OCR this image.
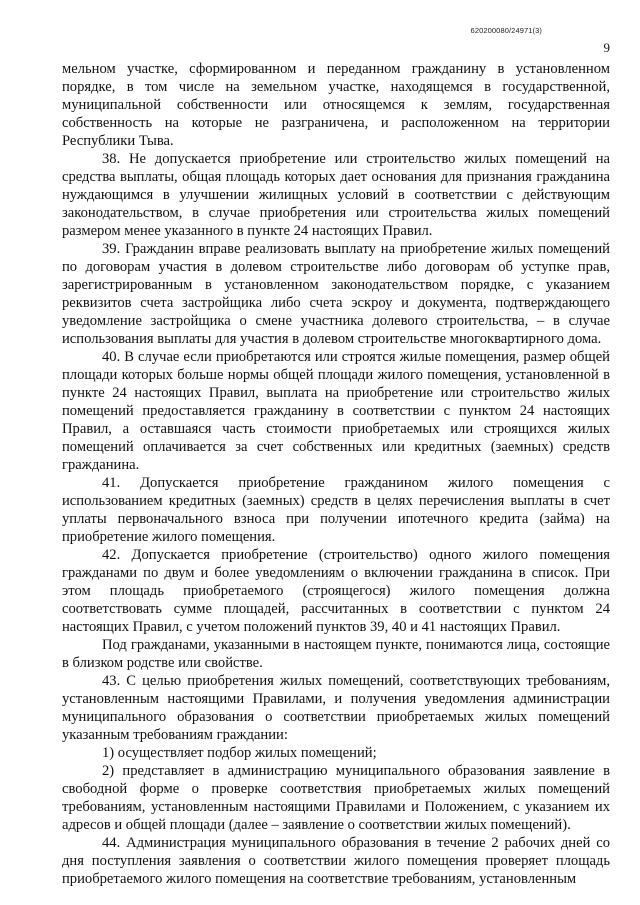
620200080/24971(3)
9

мельном участке, сформированном и переданном гражданину в установленном порядке, в том числе на земельном участке, находящемся в государственной, муниципальной собственности или относящемся к землям, государственная собственность на которые не разграничена, и расположенном на территории Республики Тыва.

38. Не допускается приобретение или строительство жилых помещений на средства выплаты, общая площадь которых дает основания для признания гражданина нуждающимся в улучшении жилищных условий в соответствии с действующим законодательством, в случае приобретения или строительства жилых помещений размером менее указанного в пункте 24 настоящих Правил.

39. Гражданин вправе реализовать выплату на приобретение жилых помещений по договорам участия в долевом строительстве либо договорам об уступке прав, зарегистрированным в установленном законодательством порядке, с указанием реквизитов счета застройщика либо счета эскроу и документа, подтверждающего уведомление застройщика о смене участника долевого строительства, – в случае использования выплаты для участия в долевом строительстве многоквартирного дома.

40. В случае если приобретаются или строятся жилые помещения, размер общей площади которых больше нормы общей площади жилого помещения, установленной в пункте 24 настоящих Правил, выплата на приобретение или строительство жилых помещений предоставляется гражданину в соответствии с пунктом 24 настоящих Правил, а оставшаяся часть стоимости приобретаемых или строящихся жилых помещений оплачивается за счет собственных или кредитных (заемных) средств гражданина.

41. Допускается приобретение гражданином жилого помещения с использованием кредитных (заемных) средств в целях перечисления выплаты в счет уплаты первоначального взноса при получении ипотечного кредита (займа) на приобретение жилого помещения.

42. Допускается приобретение (строительство) одного жилого помещения гражданами по двум и более уведомлениям о включении гражданина в список. При этом площадь приобретаемого (строящегося) жилого помещения должна соответствовать сумме площадей, рассчитанных в соответствии с пунктом 24 настоящих Правил, с учетом положений пунктов 39, 40 и 41 настоящих Правил.

Под гражданами, указанными в настоящем пункте, понимаются лица, состоящие в близком родстве или свойстве.

43. С целью приобретения жилых помещений, соответствующих требованиям, установленным настоящими Правилами, и получения уведомления администрации муниципального образования о соответствии приобретаемых жилых помещений указанным требованиям граждании:

1) осуществляет подбор жилых помещений;

2) представляет в администрацию муниципального образования заявление в свободной форме о проверке соответствия приобретаемых жилых помещений требованиям, установленным настоящими Правилами и Положением, с указанием их адресов и общей площади (далее – заявление о соответствии жилых помещений).

44. Администрация муниципального образования в течение 2 рабочих дней со дня поступления заявления о соответствии жилого помещения проверяет площадь приобретаемого жилого помещения на соответствие требованиям, установленным
